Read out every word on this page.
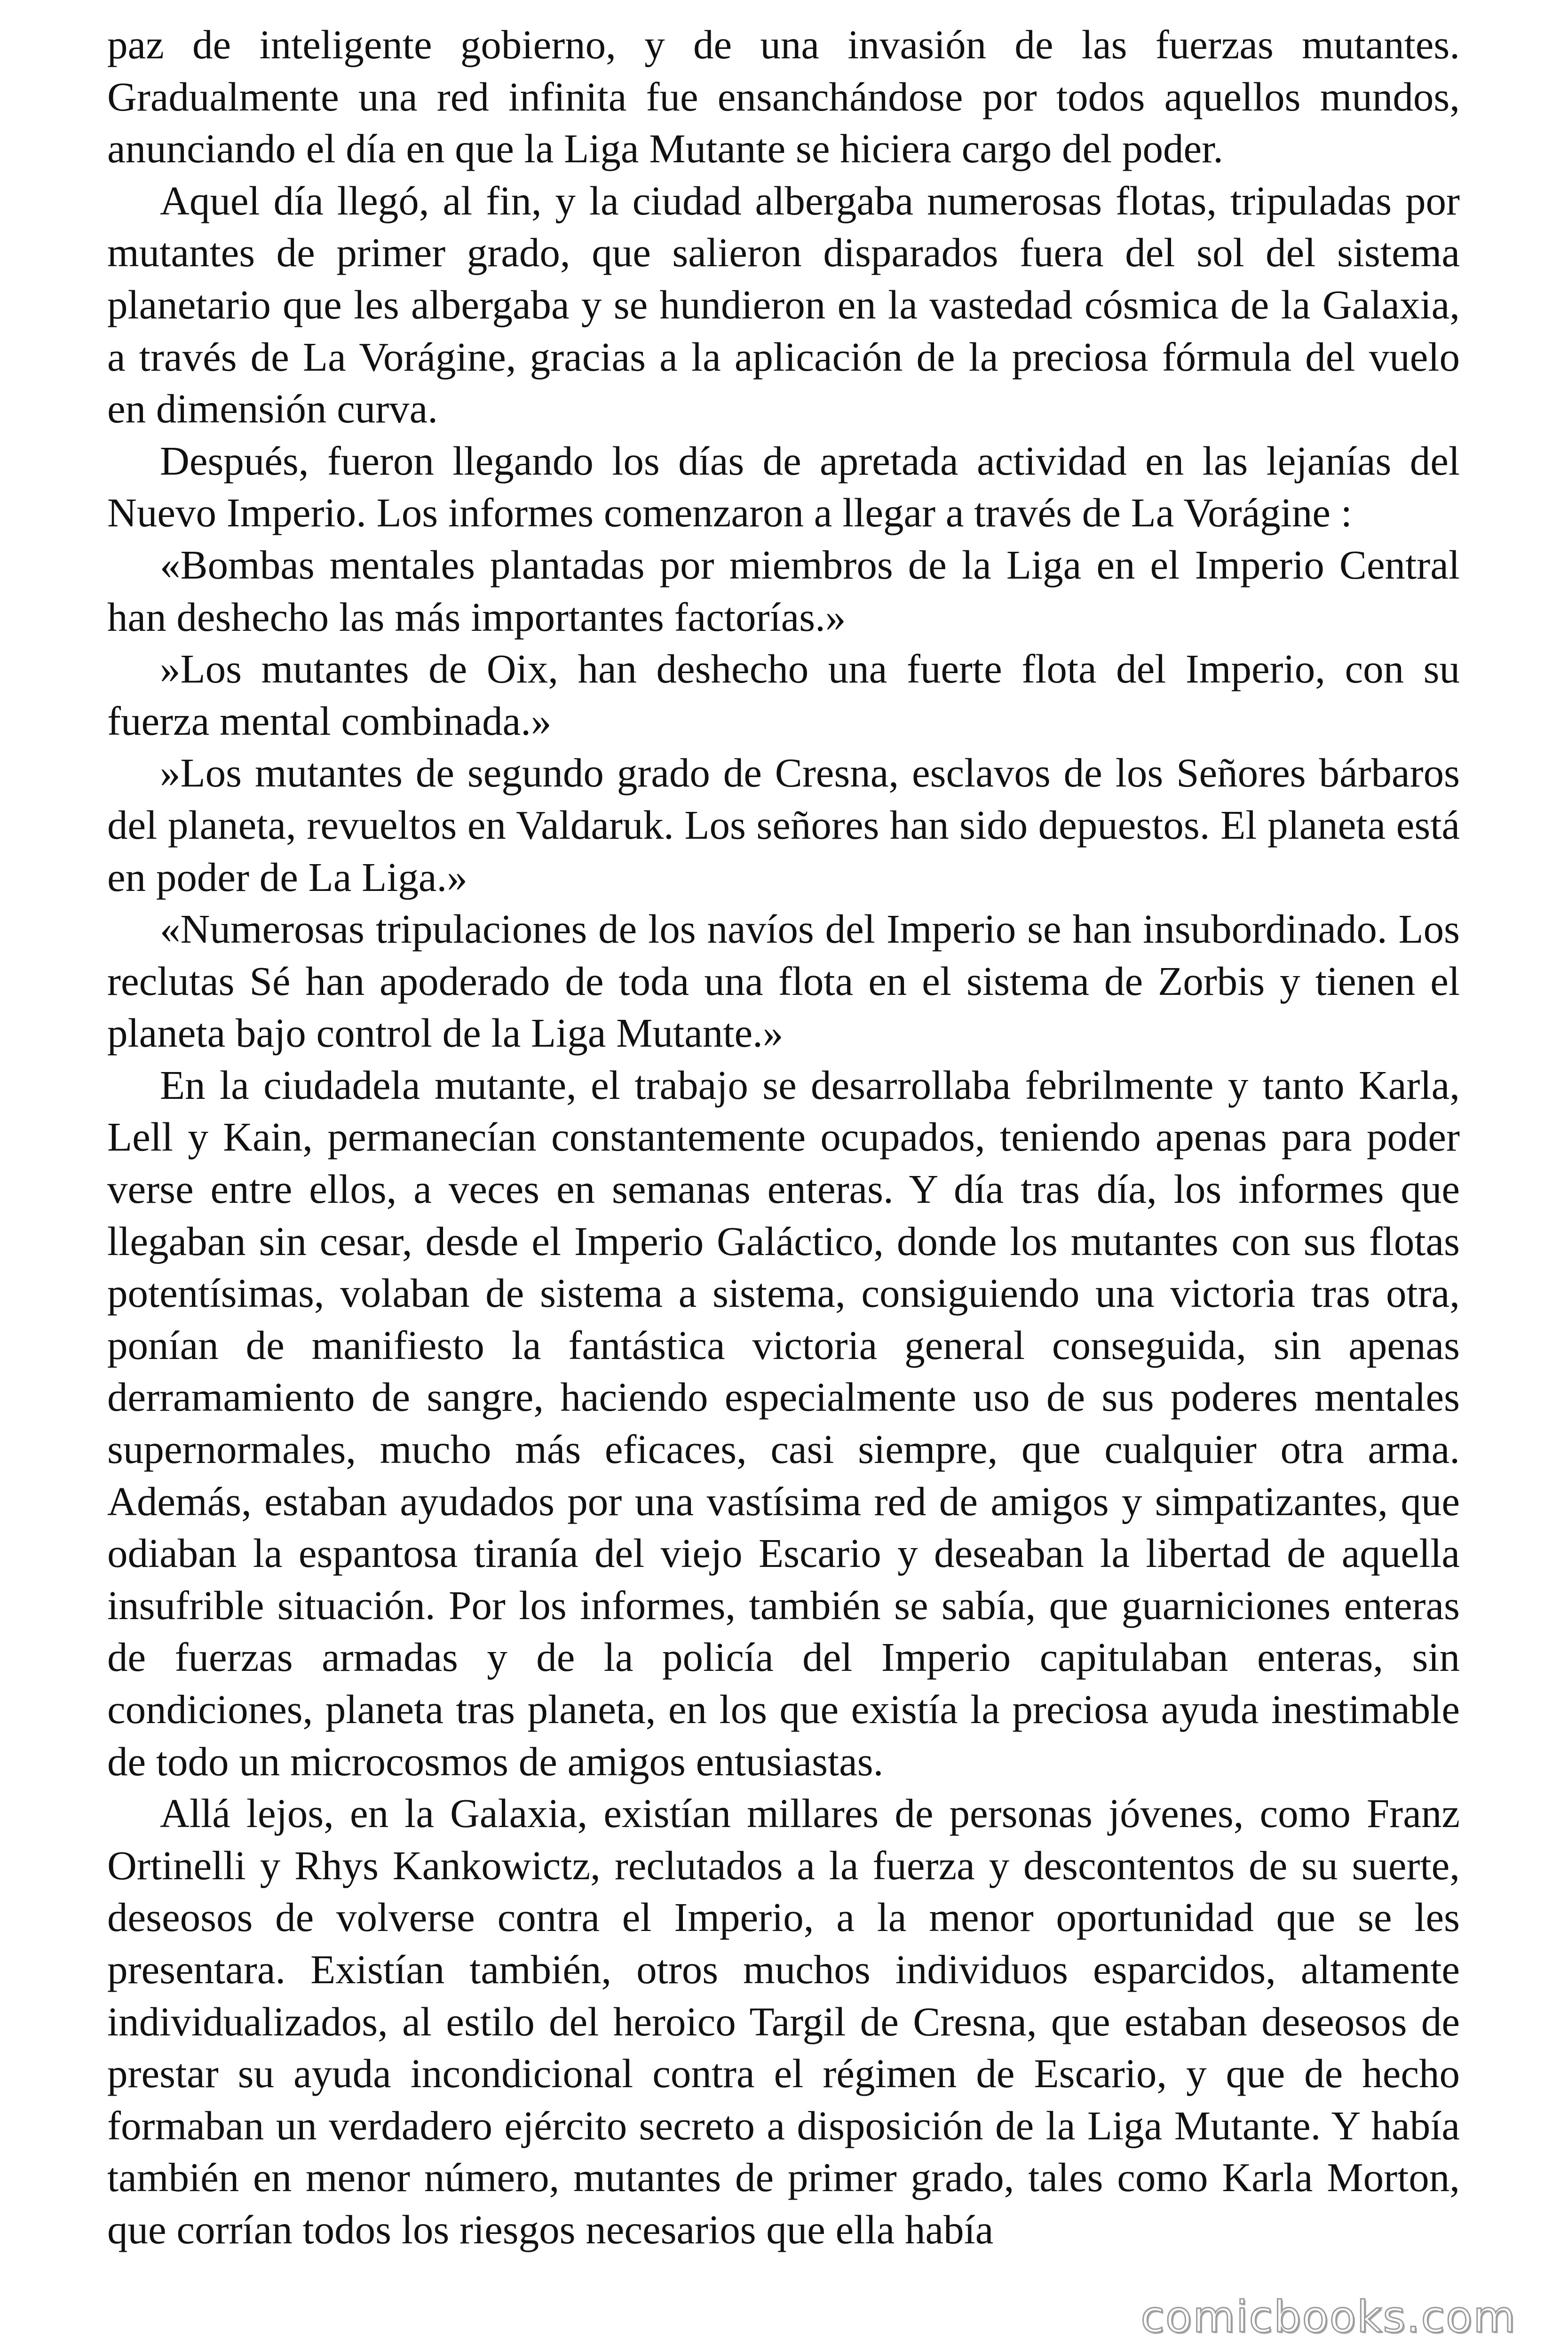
paz de inteligente gobierno, y de una invasión de las fuerzas mutantes. Gradualmente una red infinita fue ensanchándose por todos aquellos mundos, anunciando el día en que la Liga Mutante se hiciera cargo del poder.

Aquel día llegó, al fin, y la ciudad albergaba numerosas flotas, tripuladas por mutantes de primer grado, que salieron disparados fuera del sol del sistema planetario que les albergaba y se hundieron en la vastedad cósmica de la Galaxia, a través de La Vorágine, gracias a la aplicación de la preciosa fórmula del vuelo en dimensión curva.

Después, fueron llegando los días de apretada actividad en las lejanías del Nuevo Imperio. Los informes comenzaron a llegar a través de La Vorágine :

«Bombas mentales plantadas por miembros de la Liga en el Imperio Central han deshecho las más importantes factorías.»

»Los mutantes de Oix, han deshecho una fuerte flota del Imperio, con su fuerza mental combinada.»

»Los mutantes de segundo grado de Cresna, esclavos de los Señores bárbaros del planeta, revueltos en Valdaruk. Los señores han sido depuestos. El planeta está en poder de La Liga.»

«Numerosas tripulaciones de los navíos del Imperio se han insubordinado. Los reclutas Sé han apoderado de toda una flota en el sistema de Zorbis y tienen el planeta bajo control de la Liga Mutante.»

En la ciudadela mutante, el trabajo se desarrollaba febrilmente y tanto Karla, Lell y Kain, permanecían constantemente ocupados, teniendo apenas para poder verse entre ellos, a veces en semanas enteras. Y día tras día, los informes que llegaban sin cesar, desde el Imperio Galáctico, donde los mutantes con sus flotas potentísimas, volaban de sistema a sistema, consiguiendo una victoria tras otra, ponían de manifiesto la fantástica victoria general conseguida, sin apenas derramamiento de sangre, haciendo especialmente uso de sus poderes mentales supernormales, mucho más eficaces, casi siempre, que cualquier otra arma. Además, estaban ayudados por una vastísima red de amigos y simpatizantes, que odiaban la espantosa tiranía del viejo Escario y deseaban la libertad de aquella insufrible situación. Por los informes, también se sabía, que guarniciones enteras de fuerzas armadas y de la policía del Imperio capitulaban enteras, sin condiciones, planeta tras planeta, en los que existía la preciosa ayuda inestimable de todo un microcosmos de amigos entusiastas.

Allá lejos, en la Galaxia, existían millares de personas jóvenes, como Franz Ortinelli y Rhys Kankowictz, reclutados a la fuerza y descontentos de su suerte, deseosos de volverse contra el Imperio, a la menor oportunidad que se les presentara. Existían también, otros muchos individuos esparcidos, altamente individualizados, al estilo del heroico Targil de Cresna, que estaban deseosos de prestar su ayuda incondicional contra el régimen de Escario, y que de hecho formaban un verdadero ejército secreto a disposición de la Liga Mutante. Y había también en menor número, mutantes de primer grado, tales como Karla Morton, que corrían todos los riesgos necesarios que ella había

comicbooks.com
